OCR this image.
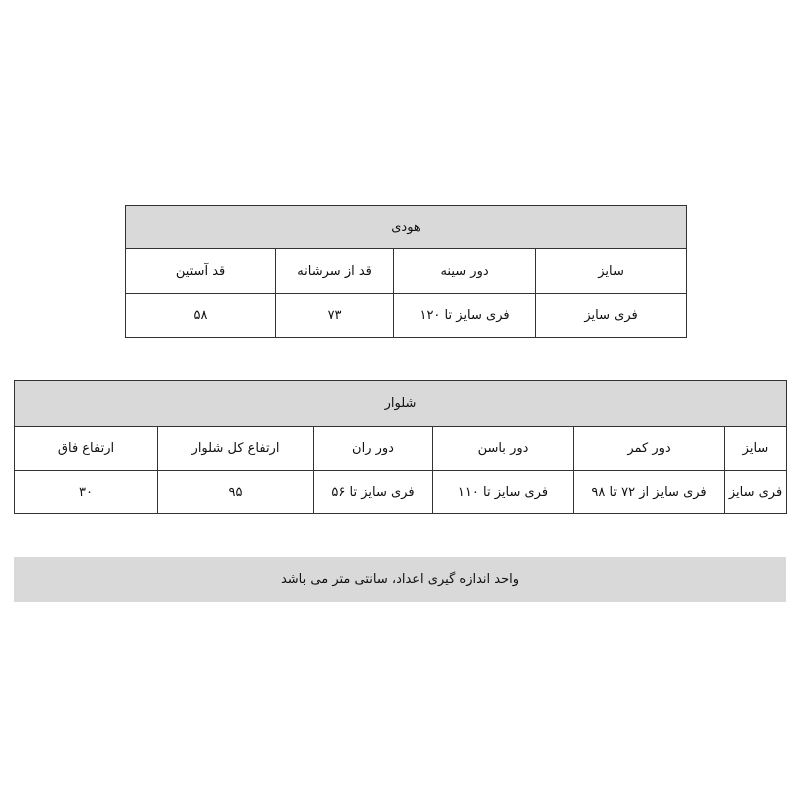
هودی			
سایز	دور سینه	قد از سرشانه	قد آستین
فری سایز	فری سایز تا ۱۲۰	۷۳	۵۸
شلوار					
سایز	دور کمر	دور باسن	دور ران	ارتفاع کل شلوار	ارتفاع فاق
فری سایز	فری سایز از ۷۲ تا ۹۸	فری سایز تا ۱۱۰	فری سایز تا ۵۶	۹۵	۳۰
واحد اندازه گیری اعداد، سانتی متر می باشد
